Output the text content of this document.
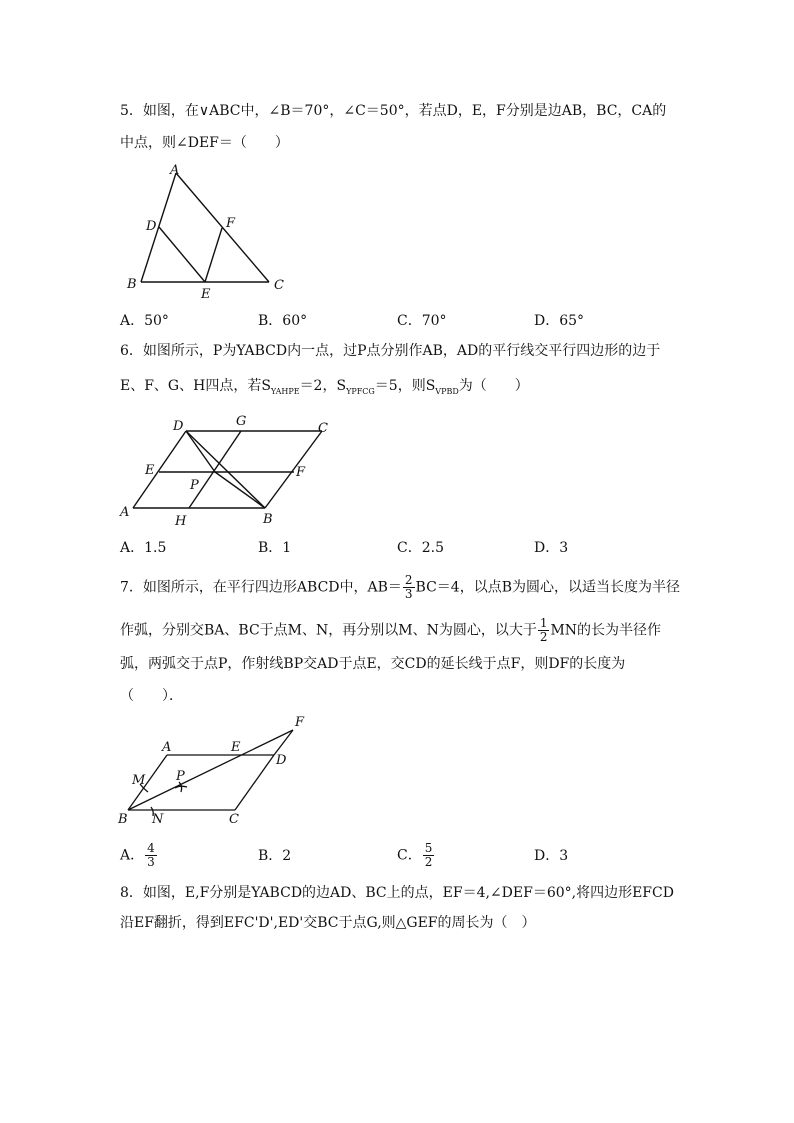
5．如图，在∨ABC中，∠B＝70°，∠C＝50°，若点D，E，F分别是边AB，BC，CA的
中点，则∠DEF＝（　　）
A
D	F
B
E
C
A．50°	B．60°	C．70°	D．65°
6．如图所示，P为YABCD内一点，过P点分别作AB，AD的平行线交平行四边形的边于
E、F、G、H四点，若$S_{YAHPE}=2$，$S_{YPFCG}=5$，则$S_{VPBD}$为（　　）
D	G	C
E
P
F
A
H	B
A．1.5	B．1	C．2.5	D．3
7．如图所示，在平行四边形ABCD中，$AB= \frac{2}{3} BC=4$，以点B为圆心，以适当长度为半径
作弧，分别交BA、BC于点M、N，再分别以M、N为圆心，以大于 $\frac{1}{2}$ MN的长为半径作
弧，两弧交于点P，作射线BP交AD于点E，交CD的延长线于点F，则DF的长度为
（　　）．
F
A	E
D
M P
B N	C
A． $\frac{4}{3}$	B．2	C． $\frac{5}{2}$	D．3
8．如图，E,F分别是YABCD的边AD、BC上的点，EF＝4,∠DEF＝60°,将四边形EFCD
沿EF翻折，得到EFC'D',ED'交BC于点G,则△GEF的周长为（　）
